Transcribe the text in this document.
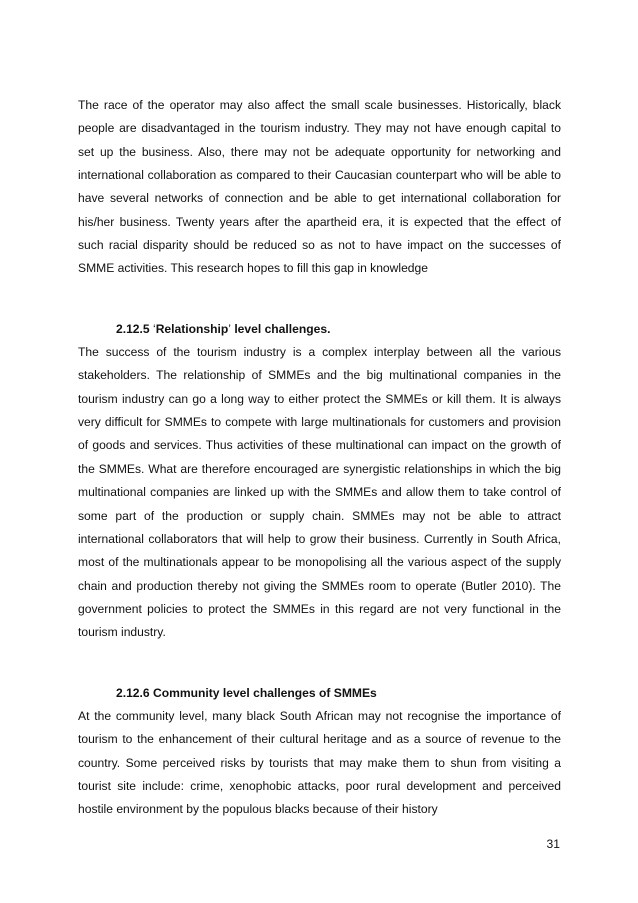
The race of the operator may also affect the small scale businesses. Historically, black people are disadvantaged in the tourism industry. They may not have enough capital to set up the business. Also, there may not be adequate opportunity for networking and international collaboration as compared to their Caucasian counterpart who will be able to have several networks of connection and be able to get international collaboration for his/her business. Twenty years after the apartheid era, it is expected that the effect of such racial disparity should be reduced so as not to have impact on the successes of SMME activities. This research hopes to fill this gap in knowledge

2.12.5 ‘Relationship’ level challenges.

The success of the tourism industry is a complex interplay between all the various stakeholders. The relationship of SMMEs and the big multinational companies in the tourism industry can go a long way to either protect the SMMEs or kill them. It is always very difficult for SMMEs to compete with large multinationals for customers and provision of goods and services. Thus activities of these multinational can impact on the growth of the SMMEs. What are therefore encouraged are synergistic relationships in which the big multinational companies are linked up with the SMMEs and allow them to take control of some part of the production or supply chain. SMMEs may not be able to attract international collaborators that will help to grow their business. Currently in South Africa, most of the multinationals appear to be monopolising all the various aspect of the supply chain and production thereby not giving the SMMEs room to operate (Butler 2010). The government policies to protect the SMMEs in this regard are not very functional in the tourism industry.

2.12.6 Community level challenges of SMMEs

At the community level, many black South African may not recognise the importance of tourism to the enhancement of their cultural heritage and as a source of revenue to the country. Some perceived risks by tourists that may make them to shun from visiting a tourist site include: crime, xenophobic attacks, poor rural development and perceived hostile environment by the populous blacks because of their history

31
